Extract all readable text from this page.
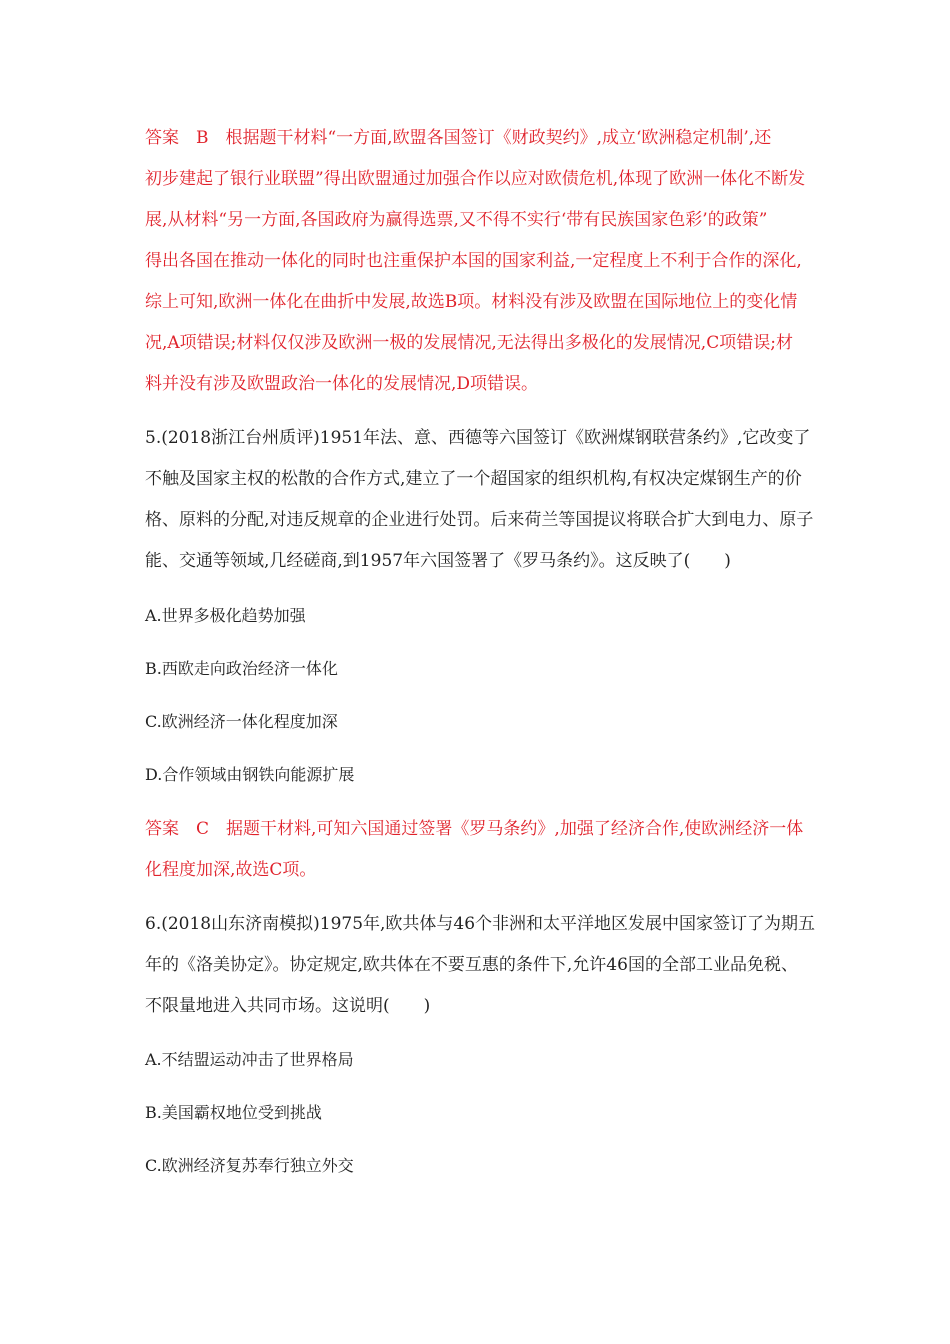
答案　B　根据题干材料“一方面,欧盟各国签订《财政契约》,成立‘欧洲稳定机制’,还
初步建起了银行业联盟”得出欧盟通过加强合作以应对欧债危机,体现了欧洲一体化不断发
展,从材料“另一方面,各国政府为赢得选票,又不得不实行‘带有民族国家色彩’的政策”
得出各国在推动一体化的同时也注重保护本国的国家利益,一定程度上不利于合作的深化,
综上可知,欧洲一体化在曲折中发展,故选B项。材料没有涉及欧盟在国际地位上的变化情
况,A项错误;材料仅仅涉及欧洲一极的发展情况,无法得出多极化的发展情况,C项错误;材
料并没有涉及欧盟政治一体化的发展情况,D项错误。
5.(2018浙江台州质评)1951年法、意、西德等六国签订《欧洲煤钢联营条约》,它改变了
不触及国家主权的松散的合作方式,建立了一个超国家的组织机构,有权决定煤钢生产的价
格、原料的分配,对违反规章的企业进行处罚。后来荷兰等国提议将联合扩大到电力、原子
能、交通等领域,几经磋商,到1957年六国签署了《罗马条约》。这反映了(　　)
A.世界多极化趋势加强
B.西欧走向政治经济一体化
C.欧洲经济一体化程度加深
D.合作领域由钢铁向能源扩展
答案　C　据题干材料,可知六国通过签署《罗马条约》,加强了经济合作,使欧洲经济一体
化程度加深,故选C项。
6.(2018山东济南模拟)1975年,欧共体与46个非洲和太平洋地区发展中国家签订了为期五
年的《洛美协定》。协定规定,欧共体在不要互惠的条件下,允许46国的全部工业品免税、
不限量地进入共同市场。这说明(　　)
A.不结盟运动冲击了世界格局
B.美国霸权地位受到挑战
C.欧洲经济复苏奉行独立外交
